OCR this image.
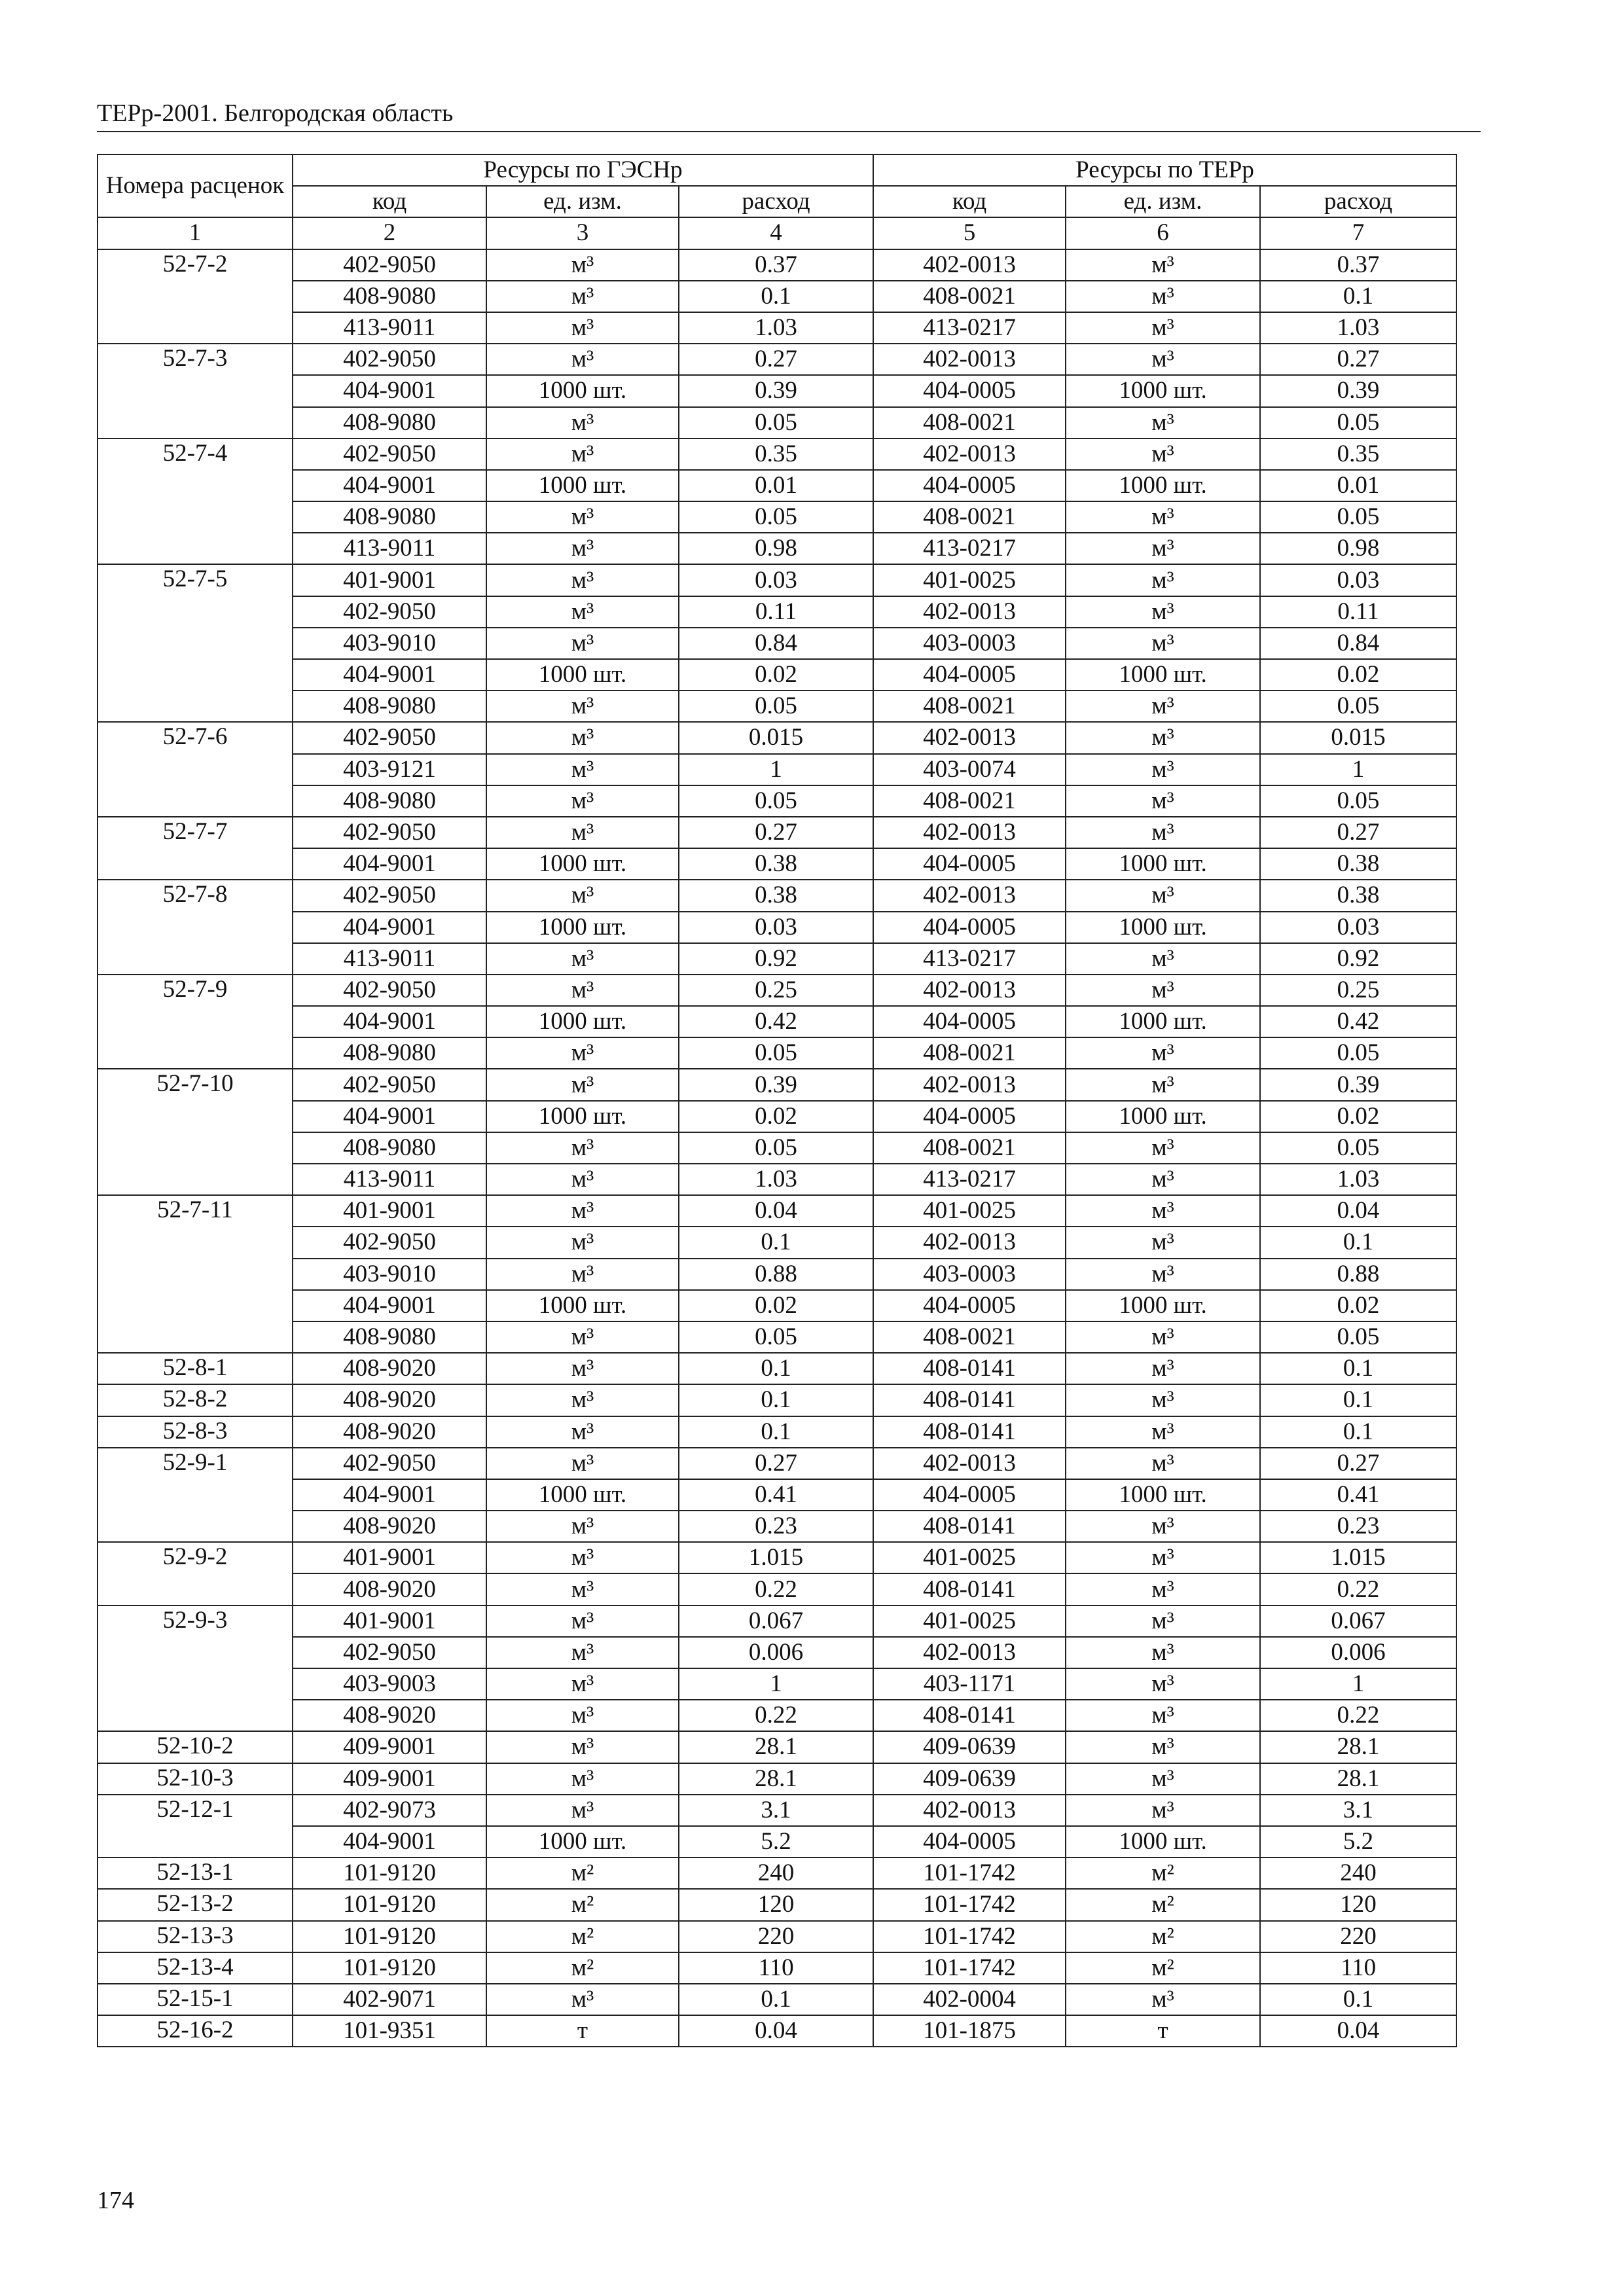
ТЕРр-2001. Белгородская область
Номера расценок	Ресурсы по ГЭСНр			Ресурсы по ТЕРр		
	код	ед. изм.	расход	код	ед. изм.	расход
1	2	3	4	5	6	7
52-7-2	402-9050	м³	0.37	402-0013	м³	0.37
	408-9080	м³	0.1	408-0021	м³	0.1
	413-9011	м³	1.03	413-0217	м³	1.03
52-7-3	402-9050	м³	0.27	402-0013	м³	0.27
	404-9001	1000 шт.	0.39	404-0005	1000 шт.	0.39
	408-9080	м³	0.05	408-0021	м³	0.05
52-7-4	402-9050	м³	0.35	402-0013	м³	0.35
	404-9001	1000 шт.	0.01	404-0005	1000 шт.	0.01
	408-9080	м³	0.05	408-0021	м³	0.05
	413-9011	м³	0.98	413-0217	м³	0.98
52-7-5	401-9001	м³	0.03	401-0025	м³	0.03
	402-9050	м³	0.11	402-0013	м³	0.11
	403-9010	м³	0.84	403-0003	м³	0.84
	404-9001	1000 шт.	0.02	404-0005	1000 шт.	0.02
	408-9080	м³	0.05	408-0021	м³	0.05
52-7-6	402-9050	м³	0.015	402-0013	м³	0.015
	403-9121	м³	1	403-0074	м³	1
	408-9080	м³	0.05	408-0021	м³	0.05
52-7-7	402-9050	м³	0.27	402-0013	м³	0.27
	404-9001	1000 шт.	0.38	404-0005	1000 шт.	0.38
52-7-8	402-9050	м³	0.38	402-0013	м³	0.38
	404-9001	1000 шт.	0.03	404-0005	1000 шт.	0.03
	413-9011	м³	0.92	413-0217	м³	0.92
52-7-9	402-9050	м³	0.25	402-0013	м³	0.25
	404-9001	1000 шт.	0.42	404-0005	1000 шт.	0.42
	408-9080	м³	0.05	408-0021	м³	0.05
52-7-10	402-9050	м³	0.39	402-0013	м³	0.39
	404-9001	1000 шт.	0.02	404-0005	1000 шт.	0.02
	408-9080	м³	0.05	408-0021	м³	0.05
	413-9011	м³	1.03	413-0217	м³	1.03
52-7-11	401-9001	м³	0.04	401-0025	м³	0.04
	402-9050	м³	0.1	402-0013	м³	0.1
	403-9010	м³	0.88	403-0003	м³	0.88
	404-9001	1000 шт.	0.02	404-0005	1000 шт.	0.02
	408-9080	м³	0.05	408-0021	м³	0.05
52-8-1	408-9020	м³	0.1	408-0141	м³	0.1
52-8-2	408-9020	м³	0.1	408-0141	м³	0.1
52-8-3	408-9020	м³	0.1	408-0141	м³	0.1
52-9-1	402-9050	м³	0.27	402-0013	м³	0.27
	404-9001	1000 шт.	0.41	404-0005	1000 шт.	0.41
	408-9020	м³	0.23	408-0141	м³	0.23
52-9-2	401-9001	м³	1.015	401-0025	м³	1.015
	408-9020	м³	0.22	408-0141	м³	0.22
52-9-3	401-9001	м³	0.067	401-0025	м³	0.067
	402-9050	м³	0.006	402-0013	м³	0.006
	403-9003	м³	1	403-1171	м³	1
	408-9020	м³	0.22	408-0141	м³	0.22
52-10-2	409-9001	м³	28.1	409-0639	м³	28.1
52-10-3	409-9001	м³	28.1	409-0639	м³	28.1
52-12-1	402-9073	м³	3.1	402-0013	м³	3.1
	404-9001	1000 шт.	5.2	404-0005	1000 шт.	5.2
52-13-1	101-9120	м²	240	101-1742	м²	240
52-13-2	101-9120	м²	120	101-1742	м²	120
52-13-3	101-9120	м²	220	101-1742	м²	220
52-13-4	101-9120	м²	110	101-1742	м²	110
52-15-1	402-9071	м³	0.1	402-0004	м³	0.1
52-16-2	101-9351	т	0.04	101-1875	т	0.04
174
